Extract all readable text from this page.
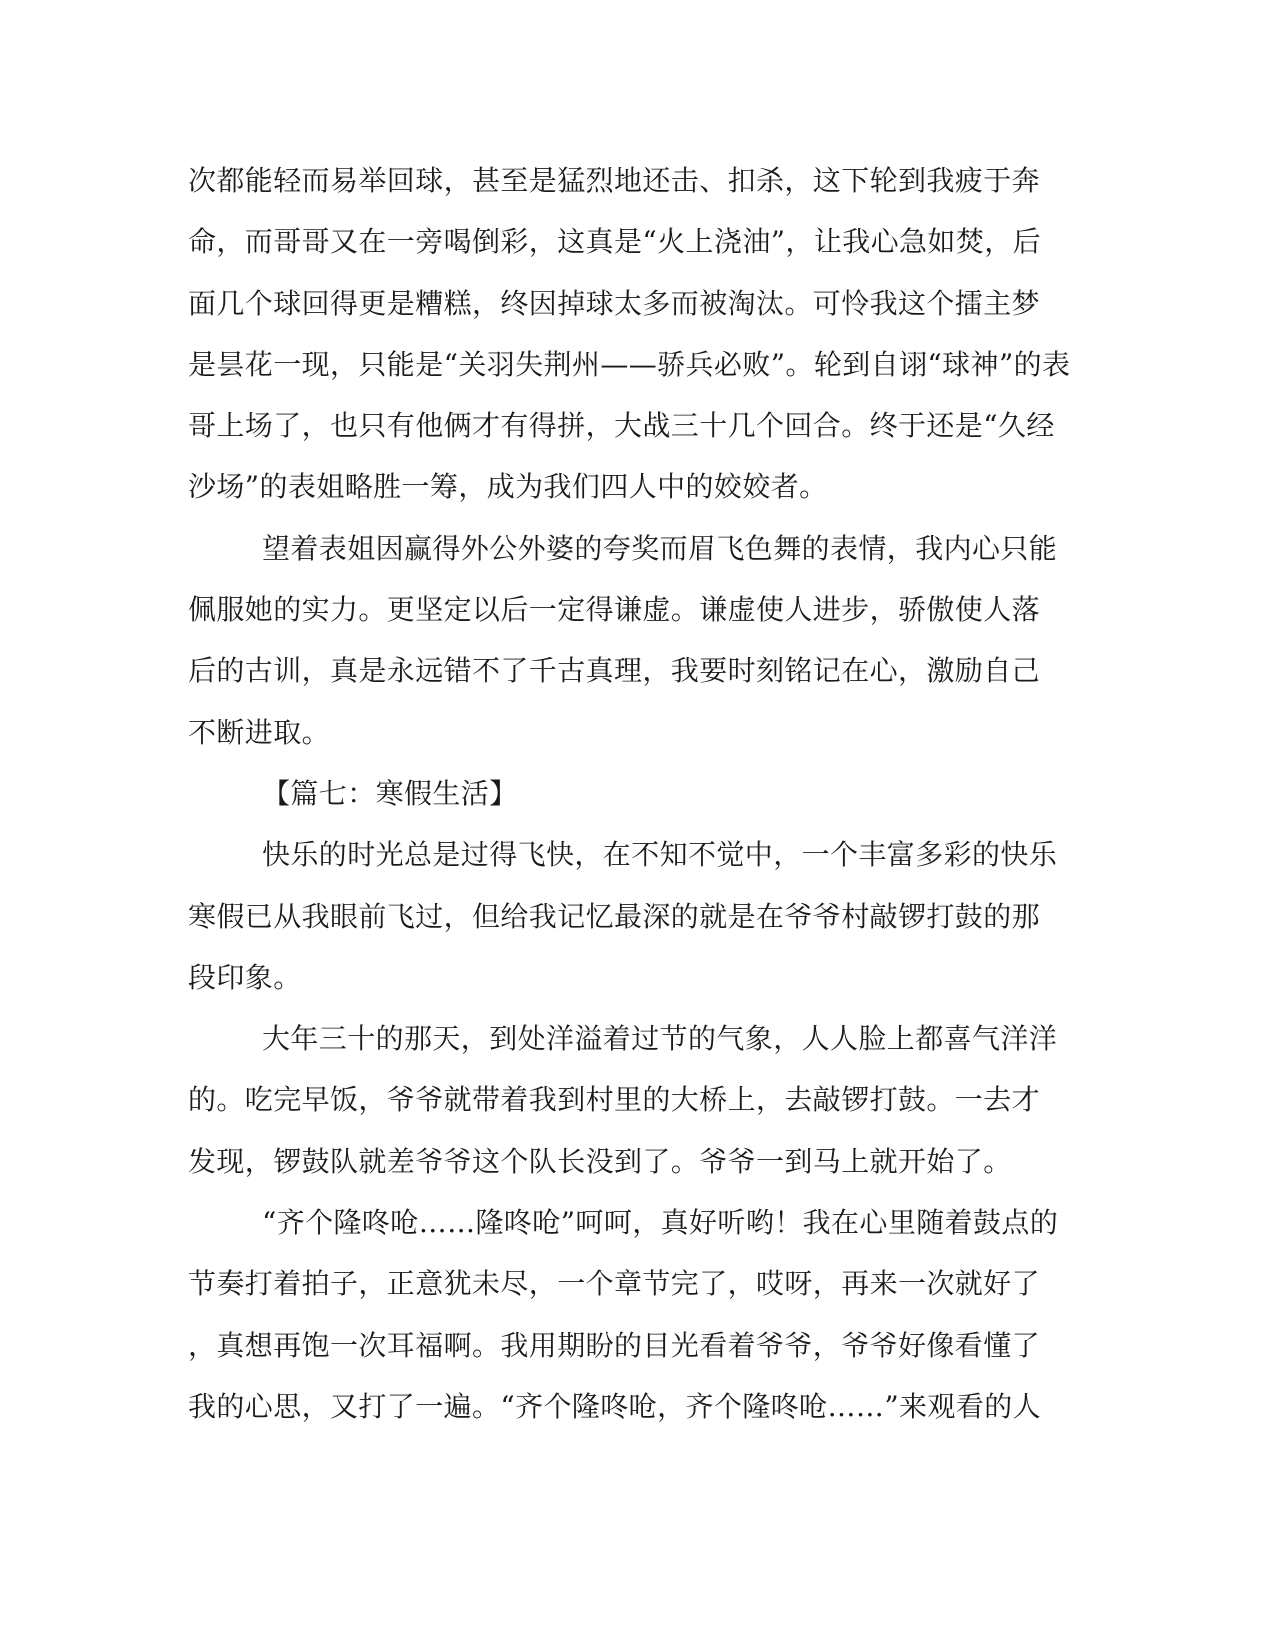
次都能轻而易举回球，甚至是猛烈地还击、扣杀，这下轮到我疲于奔
命，而哥哥又在一旁喝倒彩，这真是“火上浇油”，让我心急如焚，后
面几个球回得更是糟糕，终因掉球太多而被淘汰。可怜我这个擂主梦
是昙花一现，只能是“关羽失荆州——骄兵必败”。轮到自诩“球神”的表
哥上场了，也只有他俩才有得拼，大战三十几个回合。终于还是“久经
沙场”的表姐略胜一筹，成为我们四人中的姣姣者。
望着表姐因赢得外公外婆的夸奖而眉飞色舞的表情，我内心只能
佩服她的实力。更坚定以后一定得谦虚。谦虚使人进步，骄傲使人落
后的古训，真是永远错不了千古真理，我要时刻铭记在心，激励自己
不断进取。
【篇七：寒假生活】
快乐的时光总是过得飞快，在不知不觉中，一个丰富多彩的快乐
寒假已从我眼前飞过，但给我记忆最深的就是在爷爷村敲锣打鼓的那
段印象。
大年三十的那天，到处洋溢着过节的气象，人人脸上都喜气洋洋
的。吃完早饭，爷爷就带着我到村里的大桥上，去敲锣打鼓。一去才
发现，锣鼓队就差爷爷这个队长没到了。爷爷一到马上就开始了。
“齐个隆咚呛……隆咚呛”呵呵，真好听哟！我在心里随着鼓点的
节奏打着拍子，正意犹未尽，一个章节完了，哎呀，再来一次就好了
，真想再饱一次耳福啊。我用期盼的目光看着爷爷，爷爷好像看懂了
我的心思，又打了一遍。“齐个隆咚呛，齐个隆咚呛……”来观看的人
